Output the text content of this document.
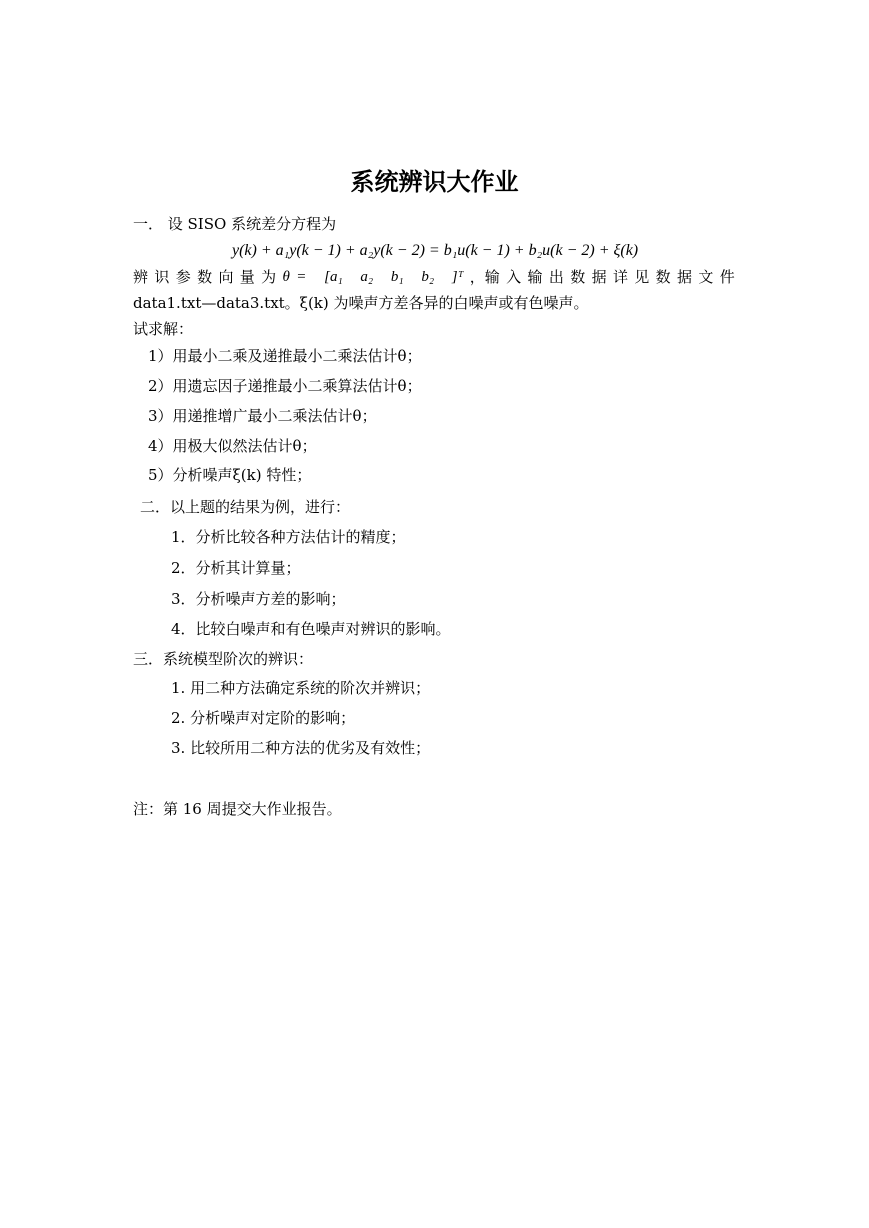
系统辨识大作业
一． 设 SISO 系统差分方程为
y(k) + a₁y(k − 1) + a₂y(k − 2) = b₁u(k − 1) + b₂u(k − 2) + ξ(k)
辨 识 参 数 向 量 为 θ = [a₁ a₂ b₁ b₂ ]ᵀ ，输 入 输 出 数 据 详 见 数 据 文 件
data1.txt—data3.txt。ξ(k) 为噪声方差各异的白噪声或有色噪声。
试求解：
1）用最小二乘及递推最小二乘法估计θ；
2）用遗忘因子递推最小二乘算法估计θ；
3）用递推增广最小二乘法估计θ；
4）用极大似然法估计θ；
5）分析噪声ξ(k) 特性；
二．以上题的结果为例，进行：
1．分析比较各种方法估计的精度；
2．分析其计算量；
3．分析噪声方差的影响；
4．比较白噪声和有色噪声对辨识的影响。
三．系统模型阶次的辨识：
1. 用二种方法确定系统的阶次并辨识；
2. 分析噪声对定阶的影响；
3. 比较所用二种方法的优劣及有效性；
注：第 16 周提交大作业报告。
